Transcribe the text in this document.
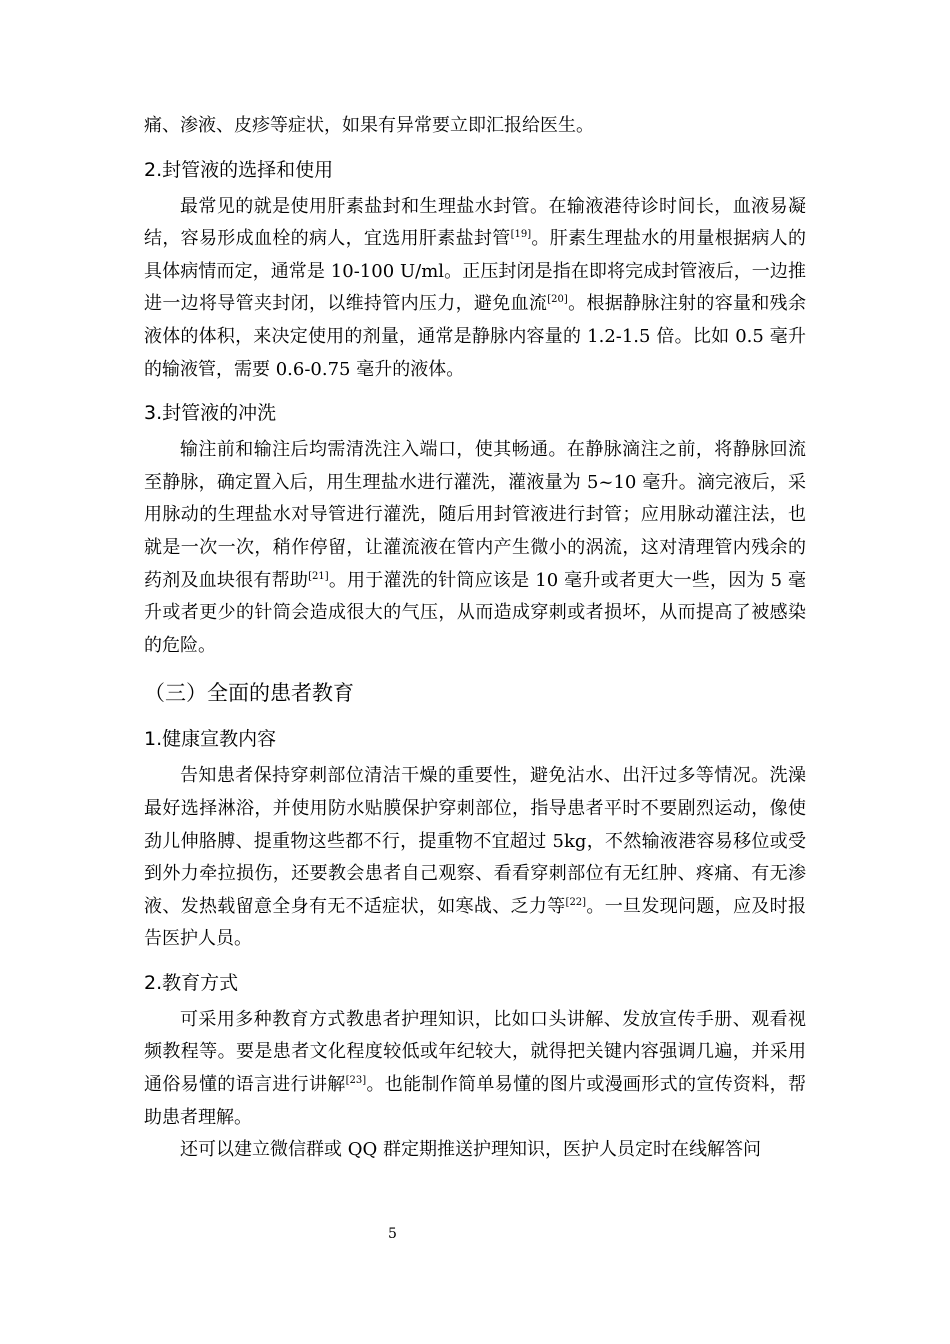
痛、渗液、皮疹等症状，如果有异常要立即汇报给医生。

2.封管液的选择和使用

最常见的就是使用肝素盐封和生理盐水封管。在输液港待诊时间长，血液易凝结，容易形成血栓的病人，宜选用肝素盐封管[19]。肝素生理盐水的用量根据病人的具体病情而定，通常是 10-100 U/ml。正压封闭是指在即将完成封管液后，一边推进一边将导管夹封闭，以维持管内压力，避免血流[20]。根据静脉注射的容量和残余液体的体积，来决定使用的剂量，通常是静脉内容量的 1.2-1.5 倍。比如 0.5 毫升的输液管，需要 0.6-0.75 毫升的液体。

3.封管液的冲洗

输注前和输注后均需清洗注入端口，使其畅通。在静脉滴注之前，将静脉回流至静脉，确定置入后，用生理盐水进行灌洗，灌液量为 5~10 毫升。滴完液后，采用脉动的生理盐水对导管进行灌洗，随后用封管液进行封管；应用脉动灌注法，也就是一次一次，稍作停留，让灌流液在管内产生微小的涡流，这对清理管内残余的药剂及血块很有帮助[21]。用于灌洗的针筒应该是 10 毫升或者更大一些，因为 5 毫升或者更少的针筒会造成很大的气压，从而造成穿刺或者损坏，从而提高了被感染的危险。

（三）全面的患者教育
1.健康宣教内容

告知患者保持穿刺部位清洁干燥的重要性，避免沾水、出汗过多等情况。洗澡最好选择淋浴，并使用防水贴膜保护穿刺部位，指导患者平时不要剧烈运动，像使劲儿伸胳膊、提重物这些都不行，提重物不宜超过 5kg，不然输液港容易移位或受到外力牵拉损伤，还要教会患者自己观察、看看穿刺部位有无红肿、疼痛、有无渗液、发热载留意全身有无不适症状，如寒战、乏力等[22]。一旦发现问题，应及时报告医护人员。

2.教育方式

可采用多种教育方式教患者护理知识，比如口头讲解、发放宣传手册、观看视频教程等。要是患者文化程度较低或年纪较大，就得把关键内容强调几遍，并采用通俗易懂的语言进行讲解[23]。也能制作简单易懂的图片或漫画形式的宣传资料，帮助患者理解。

还可以建立微信群或 QQ 群定期推送护理知识，医护人员定时在线解答问

5
